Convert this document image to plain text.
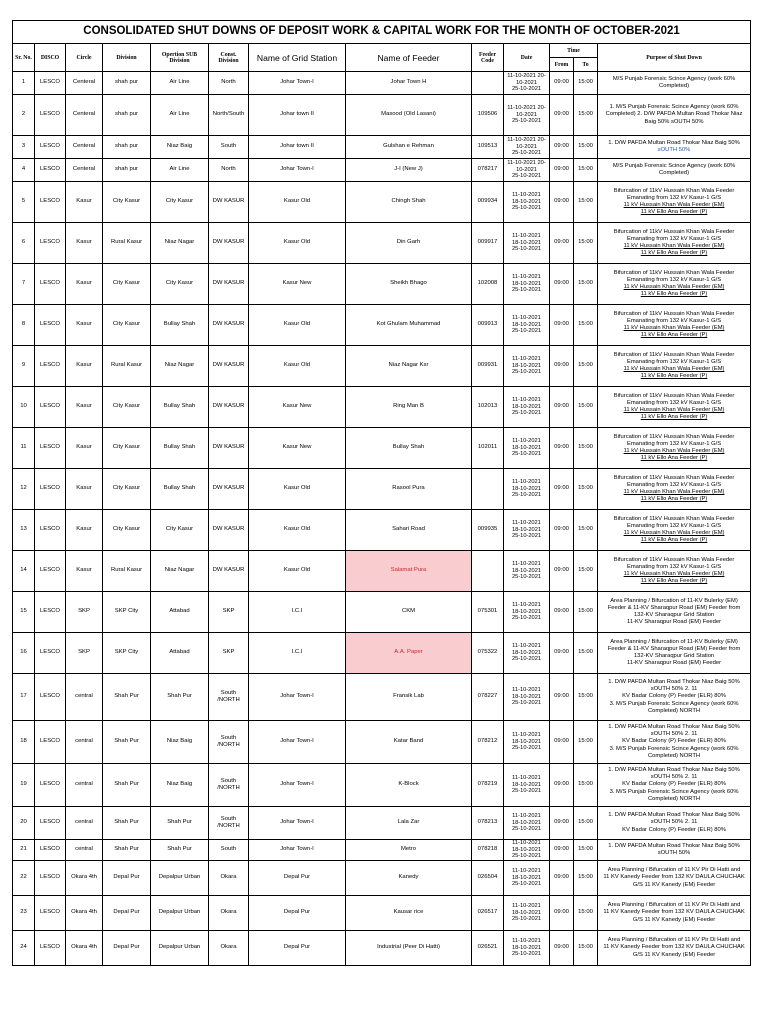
CONSOLIDATED SHUT DOWNS OF DEPOSIT WORK & CAPITAL WORK FOR THE MONTH OF OCTOBER-2021												
Sr. No.	DISCO	Circle	Division	Opertion SUB Division	Const. Division	Name of Grid Station	Name of Feeder	Feeder Code	Date	Time		Purpose of Shut Down
										From	To	
1	LESCO	Centeral	shah pur	Air Line	North	Johar Town-I	Johar Town H		11-10-2021 20-
10-2021
25-10-2021	09:00	15:00	M/S Punjab Forensic Scince Agency (work 60%
Completed)

2	LESCO	Centeral	shah pur	Air Line	North/South	Johar town II	Masood (Old Lasani)	109506	11-10-2021 20-
10-2021
25-10-2021	09:00	15:00	1. M/S Punjab Forensic Scince Agency (work 60%
Completed) 2. D/W PAFDA Multan Road Thokar Niaz
Baig 50% sOUTH 50%

3	LESCO	Centeral	shah pur	Niaz Baig	South	Johar town II	Gulshan e Rehman	109513	11-10-2021 20-
10-2021
25-10-2021	09:00	15:00	1. D/W PAFDA Multan Road Thokar Niaz Baig 50%
sOUTH 50%

4	LESCO	Centeral	shah pur	Air Line	North	Johar Town-I	J-I (New J)	078217	11-10-2021 20-
10-2021
25-10-2021	09:00	15:00	M/S Punjab Forensic Scince Agency (work 60%
Completed)

5	LESCO	Kasur	City Kasur	City Kasur	DW KASUR	Kasur Old	Chingh Shah	009934	11-10-2021
18-10-2021
25-10-2021	09:00	15:00	Bifurcation of 11kV Hussain Khan Wala Feeder
Emanating from 132 kV Kasur-1 G/S
11 kV Hussain Khan Wala Feeder (EM)
11 kV Ello Ana Feeder (P)

6	LESCO	Kasur	Rural Kasur	Niaz Nagar	DW KASUR	Kasur Old	Din Garh	009917	11-10-2021
18-10-2021
25-10-2021	09:00	15:00	Bifurcation of 11kV Hussain Khan Wala Feeder
Emanating from 132 kV Kasur-1 G/S
11 kV Hussain Khan Wala Feeder (EM)
11 kV Ello Ana Feeder (P)

7	LESCO	Kasur	City Kasur	City Kasur	DW KASUR	Kasur New	Sheikh Bhago	102008	11-10-2021
18-10-2021
25-10-2021	09:00	15:00	Bifurcation of 11kV Hussain Khan Wala Feeder
Emanating from 132 kV Kasur-1 G/S
11 kV Hussain Khan Wala Feeder (EM)
11 kV Ello Ana Feeder (P)

8	LESCO	Kasur	City Kasur	Bullay Shah	DW KASUR	Kasur Old	Kot Ghulam Muhammad	009913	11-10-2021
18-10-2021
25-10-2021	09:00	15:00	Bifurcation of 11kV Hussain Khan Wala Feeder
Emanating from 132 kV Kasur-1 G/S
11 kV Hussain Khan Wala Feeder (EM)
11 kV Ello Ana Feeder (P)

9	LESCO	Kasur	Rural Kasur	Niaz Nagar	DW KASUR	Kasur Old	Niaz Nagar Ksr	009931	11-10-2021
18-10-2021
25-10-2021	09:00	15:00	Bifurcation of 11kV Hussain Khan Wala Feeder
Emanating from 132 kV Kasur-1 G/S
11 kV Hussain Khan Wala Feeder (EM)
11 kV Ello Ana Feeder (P)

10	LESCO	Kasur	City Kasur	Bullay Shah	DW KASUR	Kasur New	Ring Man B	102013	11-10-2021
18-10-2021
25-10-2021	09:00	15:00	Bifurcation of 11kV Hussain Khan Wala Feeder
Emanating from 132 kV Kasur-1 G/S
11 kV Hussain Khan Wala Feeder (EM)
11 kV Ello Ana Feeder (P)

11	LESCO	Kasur	City Kasur	Bullay Shah	DW KASUR	Kasur New	Bullay Shah	102011	11-10-2021
18-10-2021
25-10-2021	09:00	15:00	Bifurcation of 11kV Hussain Khan Wala Feeder
Emanating from 132 kV Kasur-1 G/S
11 kV Hussain Khan Wala Feeder (EM)
11 kV Ello Ana Feeder (P)

12	LESCO	Kasur	City Kasur	Bullay Shah	DW KASUR	Kasur Old	Rasool Pura		11-10-2021
18-10-2021
25-10-2021	09:00	15:00	Bifurcation of 11kV Hussain Khan Wala Feeder
Emanating from 132 kV Kasur-1 G/S
11 kV Hussain Khan Wala Feeder (EM)
11 kV Ello Ana Feeder (P)

13	LESCO	Kasur	City Kasur	City Kasur	DW KASUR	Kasur Old	Sahari Road	009935	11-10-2021
18-10-2021
25-10-2021	09:00	15:00	Bifurcation of 11kV Hussain Khan Wala Feeder
Emanating from 132 kV Kasur-1 G/S
11 kV Hussain Khan Wala Feeder (EM)
11 kV Ello Ana Feeder (P)

14	LESCO	Kasur	Rural Kasur	Niaz Nagar	DW KASUR	Kasur Old	Salamat Pura		11-10-2021
18-10-2021
25-10-2021	09:00	15:00	Bifurcation of 11kV Hussain Khan Wala Feeder
Emanating from 132 kV Kasur-1 G/S
11 kV Hussain Khan Wala Feeder (EM)
11 kV Ello Ana Feeder (P)

15	LESCO	SKP	SKP City	Attabad	SKP	I.C.I	CKM	075301	11-10-2021
18-10-2021
25-10-2021	09:00	15:00	Area Planning / Bifurcation of 11-KV Bulerky (EM)
Feeder & 11-KV Sharaqpur Road (EM) Feeder from
132-KV Sharaqpur Grid Station
11-KV Sharaqpur Road (EM) Feeder

16	LESCO	SKP	SKP City	Attabad	SKP	I.C.I	A.A. Paper	075322	11-10-2021
18-10-2021
25-10-2021	09:00	15:00	Area Planning / Bifurcation of 11-KV Bulerky (EM)
Feeder & 11-KV Sharaqpur Road (EM) Feeder from
132-KV Sharaqpur Grid Station
11-KV Sharaqpur Road (EM) Feeder

17	LESCO	central	Shah Pur	Shah Pur	South /NORTH	Johar Town-I	Fransik Lab	078227	11-10-2021
18-10-2021
25-10-2021	09:00	15:00	1. D/W PAFDA Multan Road Thokar Niaz Baig 50%
sOUTH 50% 2. 11
KV Badar Colony (P) Feeder (ELR) 80%
3. M/S Punjab Forensic Scince Agency (work 60%
Completed) NORTH

18	LESCO	central	Shah Pur	Niaz Baig	South /NORTH	Johar Town-I	Katar Band	078212	11-10-2021
18-10-2021
25-10-2021	09:00	15:00	1. D/W PAFDA Multan Road Thokar Niaz Baig 50%
sOUTH 50% 2. 11
KV Badar Colony (P) Feeder (ELR) 80%
3. M/S Punjab Forensic Scince Agency (work 60%
Completed) NORTH

19	LESCO	central	Shah Pur	Niaz Baig	South /NORTH	Johar Town-I	K-Block	078219	11-10-2021
18-10-2021
25-10-2021	09:00	15:00	1. D/W PAFDA Multan Road Thokar Niaz Baig 50%
sOUTH 50% 2. 11
KV Badar Colony (P) Feeder (ELR) 80%
3. M/S Punjab Forensic Scince Agency (work 60%
Completed) NORTH

20	LESCO	central	Shah Pur	Shah Pur	South /NORTH	Johar Town-I	Lala Zar	078213	11-10-2021
18-10-2021
25-10-2021	09:00	15:00	1. D/W PAFDA Multan Road Thokar Niaz Baig 50%
sOUTH 50% 2. 11
KV Badar Colony (P) Feeder (ELR) 80%

21	LESCO	central	Shah Pur	Shah Pur	South	Johar Town-I	Metro	078218	11-10-2021
18-10-2021
25-10-2021	09:00	15:00	1. D/W PAFDA Multan Road Thokar Niaz Baig 50%
sOUTH 50%

22	LESCO	Okara 4th	Depal Pur	Depalpur Urban	Okara	Depal Pur	Kanedy	026504	11-10-2021
18-10-2021
25-10-2021	09:00	15:00	Area Planning / Bifurcation of 11 KV Pir Di Hatti and
11 KV Kanedy Feeder from 132 KV DAULA CHUCHAK
G/S 11 KV Kanedy (EM) Feeder

23	LESCO	Okara 4th	Depal Pur	Depalpur Urban	Okara	Depal Pur	Kausar rice	026517	11-10-2021
18-10-2021
25-10-2021	09:00	15:00	Area Planning / Bifurcation of 11 KV Pir Di Hatti and
11 KV Kanedy Feeder from 132 KV DAULA CHUCHAK
G/S 11 KV Kanedy (EM) Feeder

24	LESCO	Okara 4th	Depal Pur	Depalpur Urban	Okara	Depal Pur	Industrial (Peer Di Hatti)	026521	11-10-2021
18-10-2021
25-10-2021	09:00	15:00	Area Planning / Bifurcation of 11 KV Pir Di Hatti and
11 KV Kanedy Feeder from 132 KV DAULA CHUCHAK
G/S 11 KV Kanedy (EM) Feeder
